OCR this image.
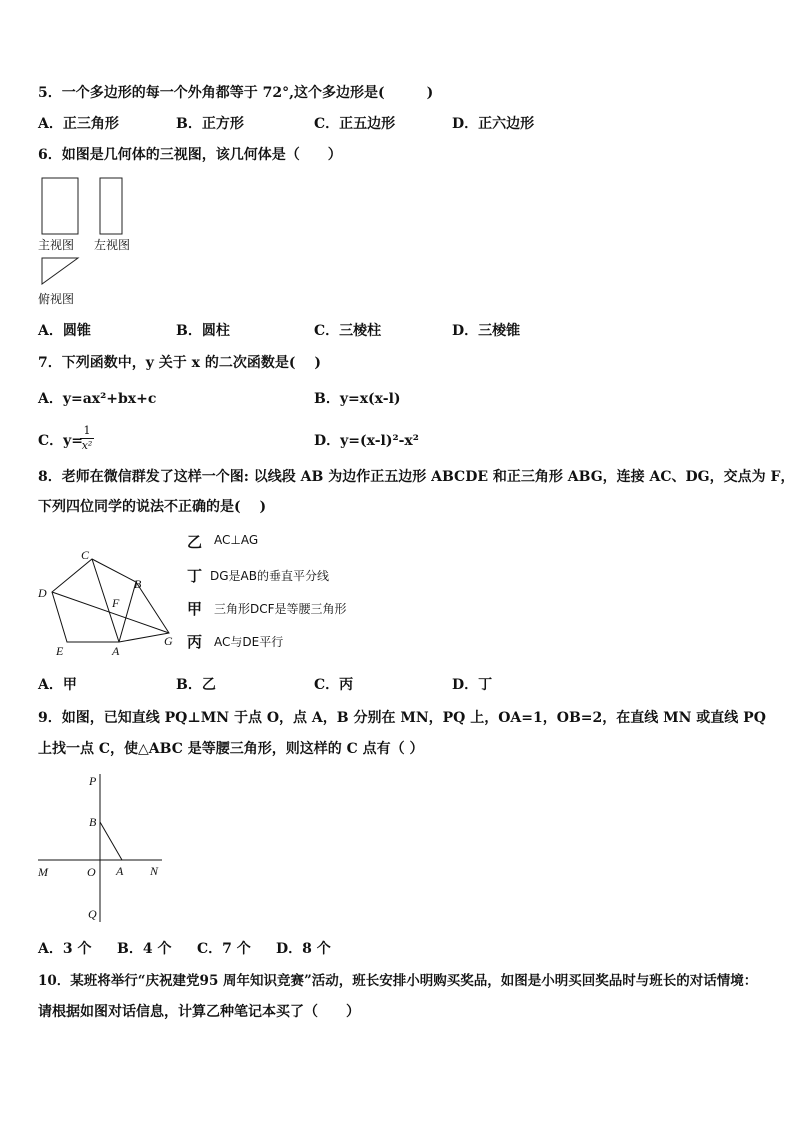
5．一个多边形的每一个外角都等于 72°,这个多边形是(　　　)
A．正三角形	B．正方形	C．正五边形	D．正六边形
6．如图是几何体的三视图，该几何体是（　　）
主视图 左视图
俯视图
A．圆锥	B．圆柱	C．三棱柱	D．三棱锥
7．下列函数中，y 关于 x 的二次函数是(　 )
A．y=ax²+bx+c	B．y=x(x-l)
C．y=
1
x²	D．y=(x-l)²-x²
8．老师在微信群发了这样一个图: 以线段 AB 为边作正五边形 ABCDE 和正三角形 ABG，连接 AC、DG，交点为 F，
下列四位同学的说法不正确的是(　 )
C
B
D
F
E	A
G
乙 AC⊥AG
丁 DG是AB的垂直平分线
甲 三角形DCF是等腰三角形
丙 AC与DE平行
A．甲	B．乙	C．丙	D．丁
9．如图，已知直线 PQ⊥MN 于点 O，点 A，B 分别在 MN，PQ 上，OA=1，OB=2，在直线 MN 或直线 PQ
上找一点 C，使△ABC 是等腰三角形，则这样的 C 点有（ ）
P
B
M	O A N
Q
A．3 个 B．4 个 C．7 个 D．8 个
10．某班将举行“庆祝建党95 周年知识竞赛”活动，班长安排小明购买奖品，如图是小明买回奖品时与班长的对话情境：
请根据如图对话信息，计算乙种笔记本买了（　　）
